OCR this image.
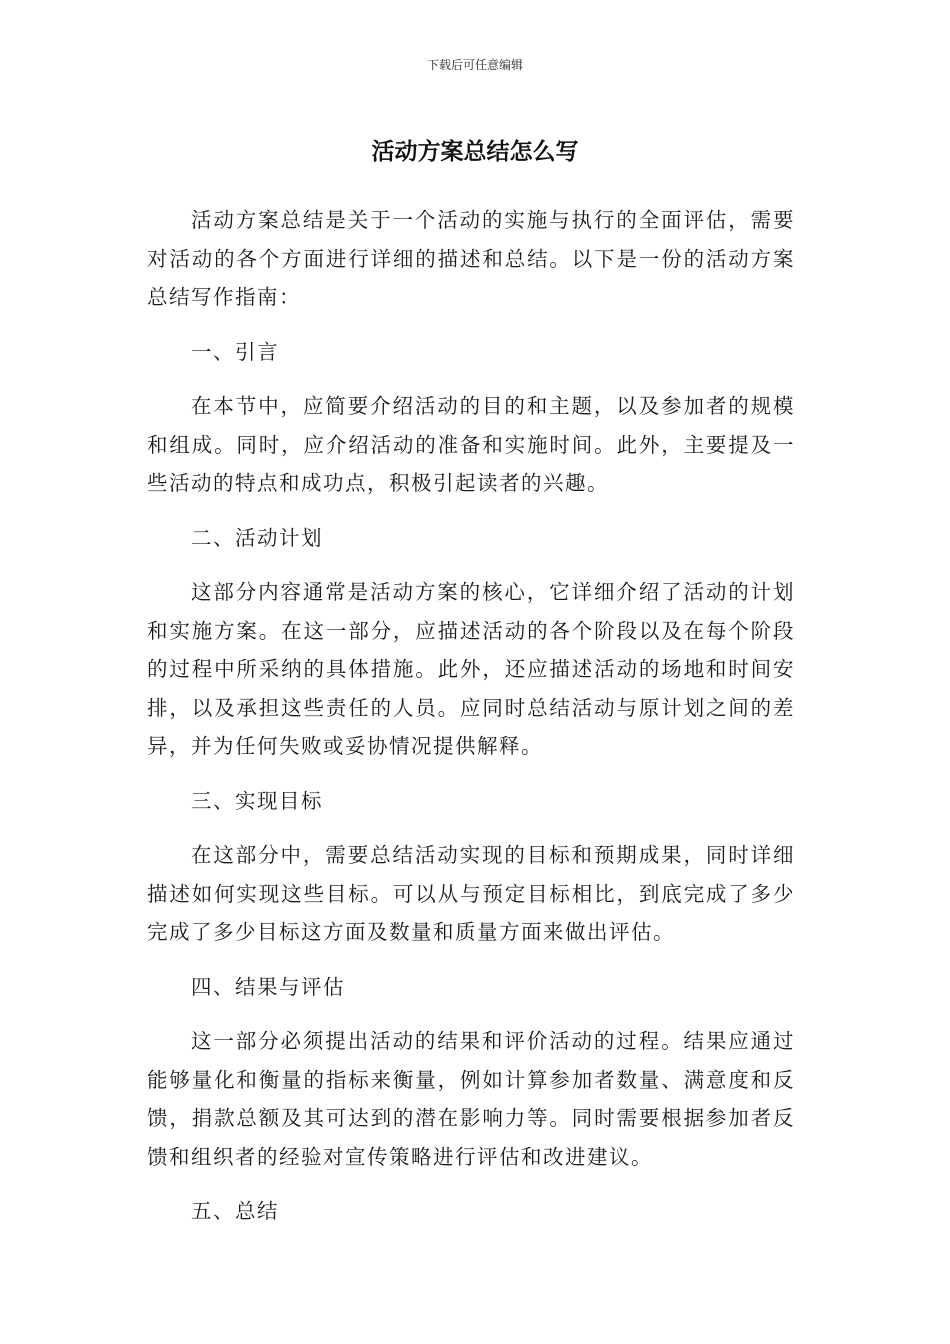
下载后可任意编辑
活动方案总结怎么写

活动方案总结是关于一个活动的实施与执行的全面评估，需要对活动的各个方面进行详细的描述和总结。以下是一份的活动方案总结写作指南：

一、引言

在本节中，应简要介绍活动的目的和主题，以及参加者的规模和组成。同时，应介绍活动的准备和实施时间。此外，主要提及一些活动的特点和成功点，积极引起读者的兴趣。

二、活动计划

这部分内容通常是活动方案的核心，它详细介绍了活动的计划和实施方案。在这一部分，应描述活动的各个阶段以及在每个阶段的过程中所采纳的具体措施。此外，还应描述活动的场地和时间安排，以及承担这些责任的人员。应同时总结活动与原计划之间的差异，并为任何失败或妥协情况提供解释。

三、实现目标

在这部分中，需要总结活动实现的目标和预期成果，同时详细描述如何实现这些目标。可以从与预定目标相比，到底完成了多少完成了多少目标这方面及数量和质量方面来做出评估。

四、结果与评估

这一部分必须提出活动的结果和评价活动的过程。结果应通过能够量化和衡量的指标来衡量，例如计算参加者数量、满意度和反馈，捐款总额及其可达到的潜在影响力等。同时需要根据参加者反馈和组织者的经验对宣传策略进行评估和改进建议。

五、总结
